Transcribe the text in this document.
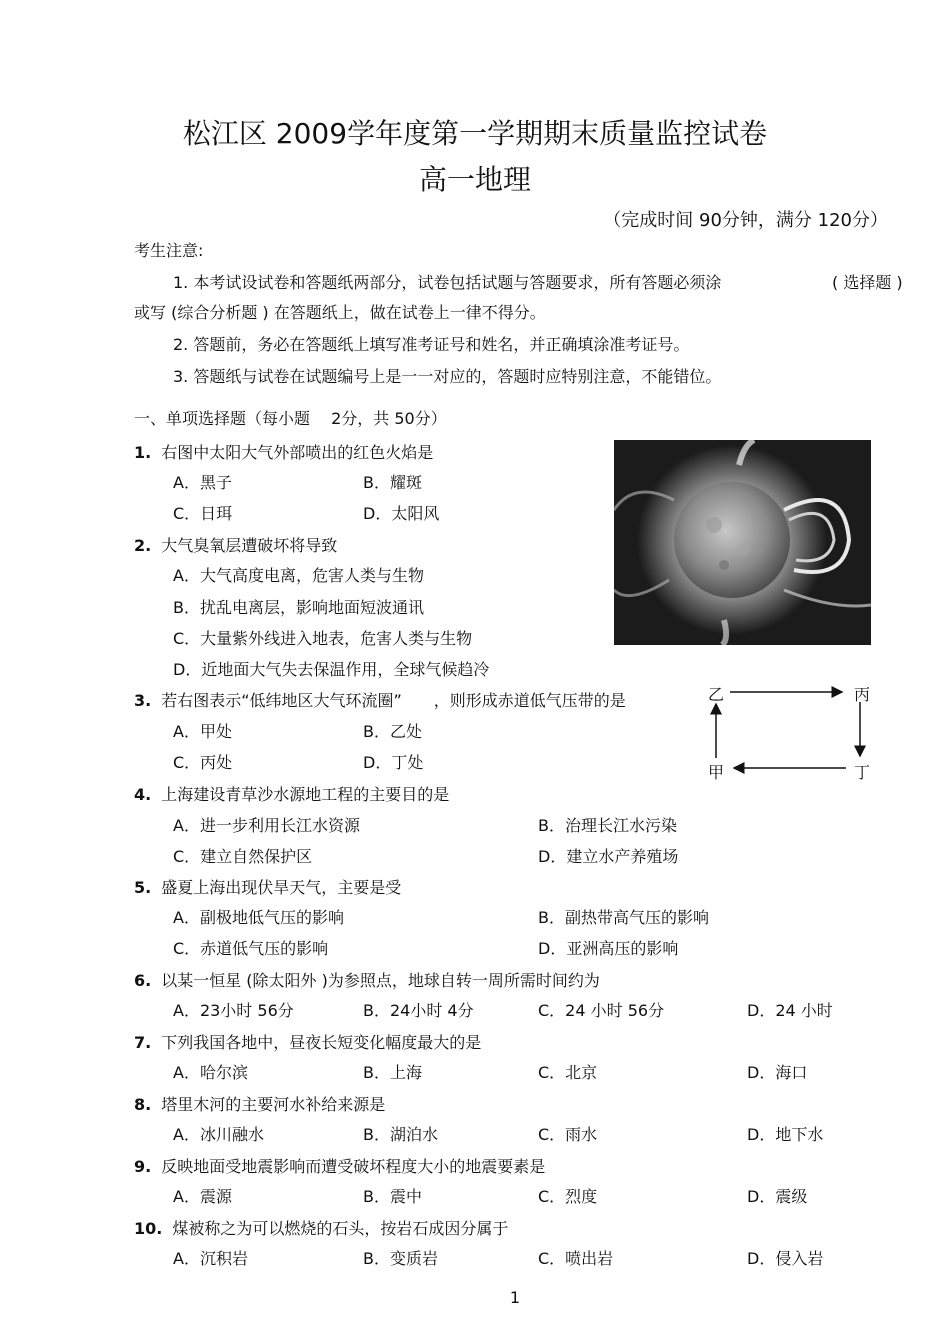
松江区 2009学年度第一学期期末质量监控试卷
高一地理
（完成时间 90分钟，满分 120分）
考生注意:
1. 本考试设试卷和答题纸两部分，试卷包括试题与答题要求，所有答题必须涂	( 选择题 )
或写 (综合分析题 ) 在答题纸上，做在试卷上一律不得分。
2. 答题前，务必在答题纸上填写准考证号和姓名，并正确填涂准考证号。
3. 答题纸与试卷在试题编号上是一一对应的，答题时应特别注意，不能错位。
一、单项选择题（每小题　 2分，共 50分）
1. 右图中太阳大气外部喷出的红色火焰是
A．黑子	B．耀斑
C．日珥	D．太阳风
2. 大气臭氧层遭破坏将导致
A．大气高度电离，危害人类与生物
B．扰乱电离层，影响地面短波通讯
C．大量紫外线进入地表，危害人类与生物
D．近地面大气失去保温作用，全球气候趋冷
3. 若右图表示“低纬地区大气环流圈”　　，则形成赤道低气压带的是
A．甲处	B．乙处
C．丙处	D．丁处
乙	丙
甲	丁
4. 上海建设青草沙水源地工程的主要目的是
A．进一步利用长江水资源	B．治理长江水污染
C．建立自然保护区	D．建立水产养殖场
5. 盛夏上海出现伏旱天气，主要是受
A．副极地低气压的影响	B．副热带高气压的影响
C．赤道低气压的影响	D．亚洲高压的影响
6. 以某一恒星 (除太阳外 )为参照点，地球自转一周所需时间约为
A．23小时 56分	B．24小时 4分	C．24 小时 56分	D．24 小时
7. 下列我国各地中，昼夜长短变化幅度最大的是
A．哈尔滨	B．上海	C．北京	D．海口
8. 塔里木河的主要河水补给来源是
A．冰川融水	B．湖泊水	C．雨水	D．地下水
9. 反映地面受地震影响而遭受破坏程度大小的地震要素是
A．震源	B．震中	C．烈度	D．震级
10. 煤被称之为可以燃烧的石头，按岩石成因分属于
A．沉积岩	B．变质岩	C．喷出岩	D．侵入岩
1
